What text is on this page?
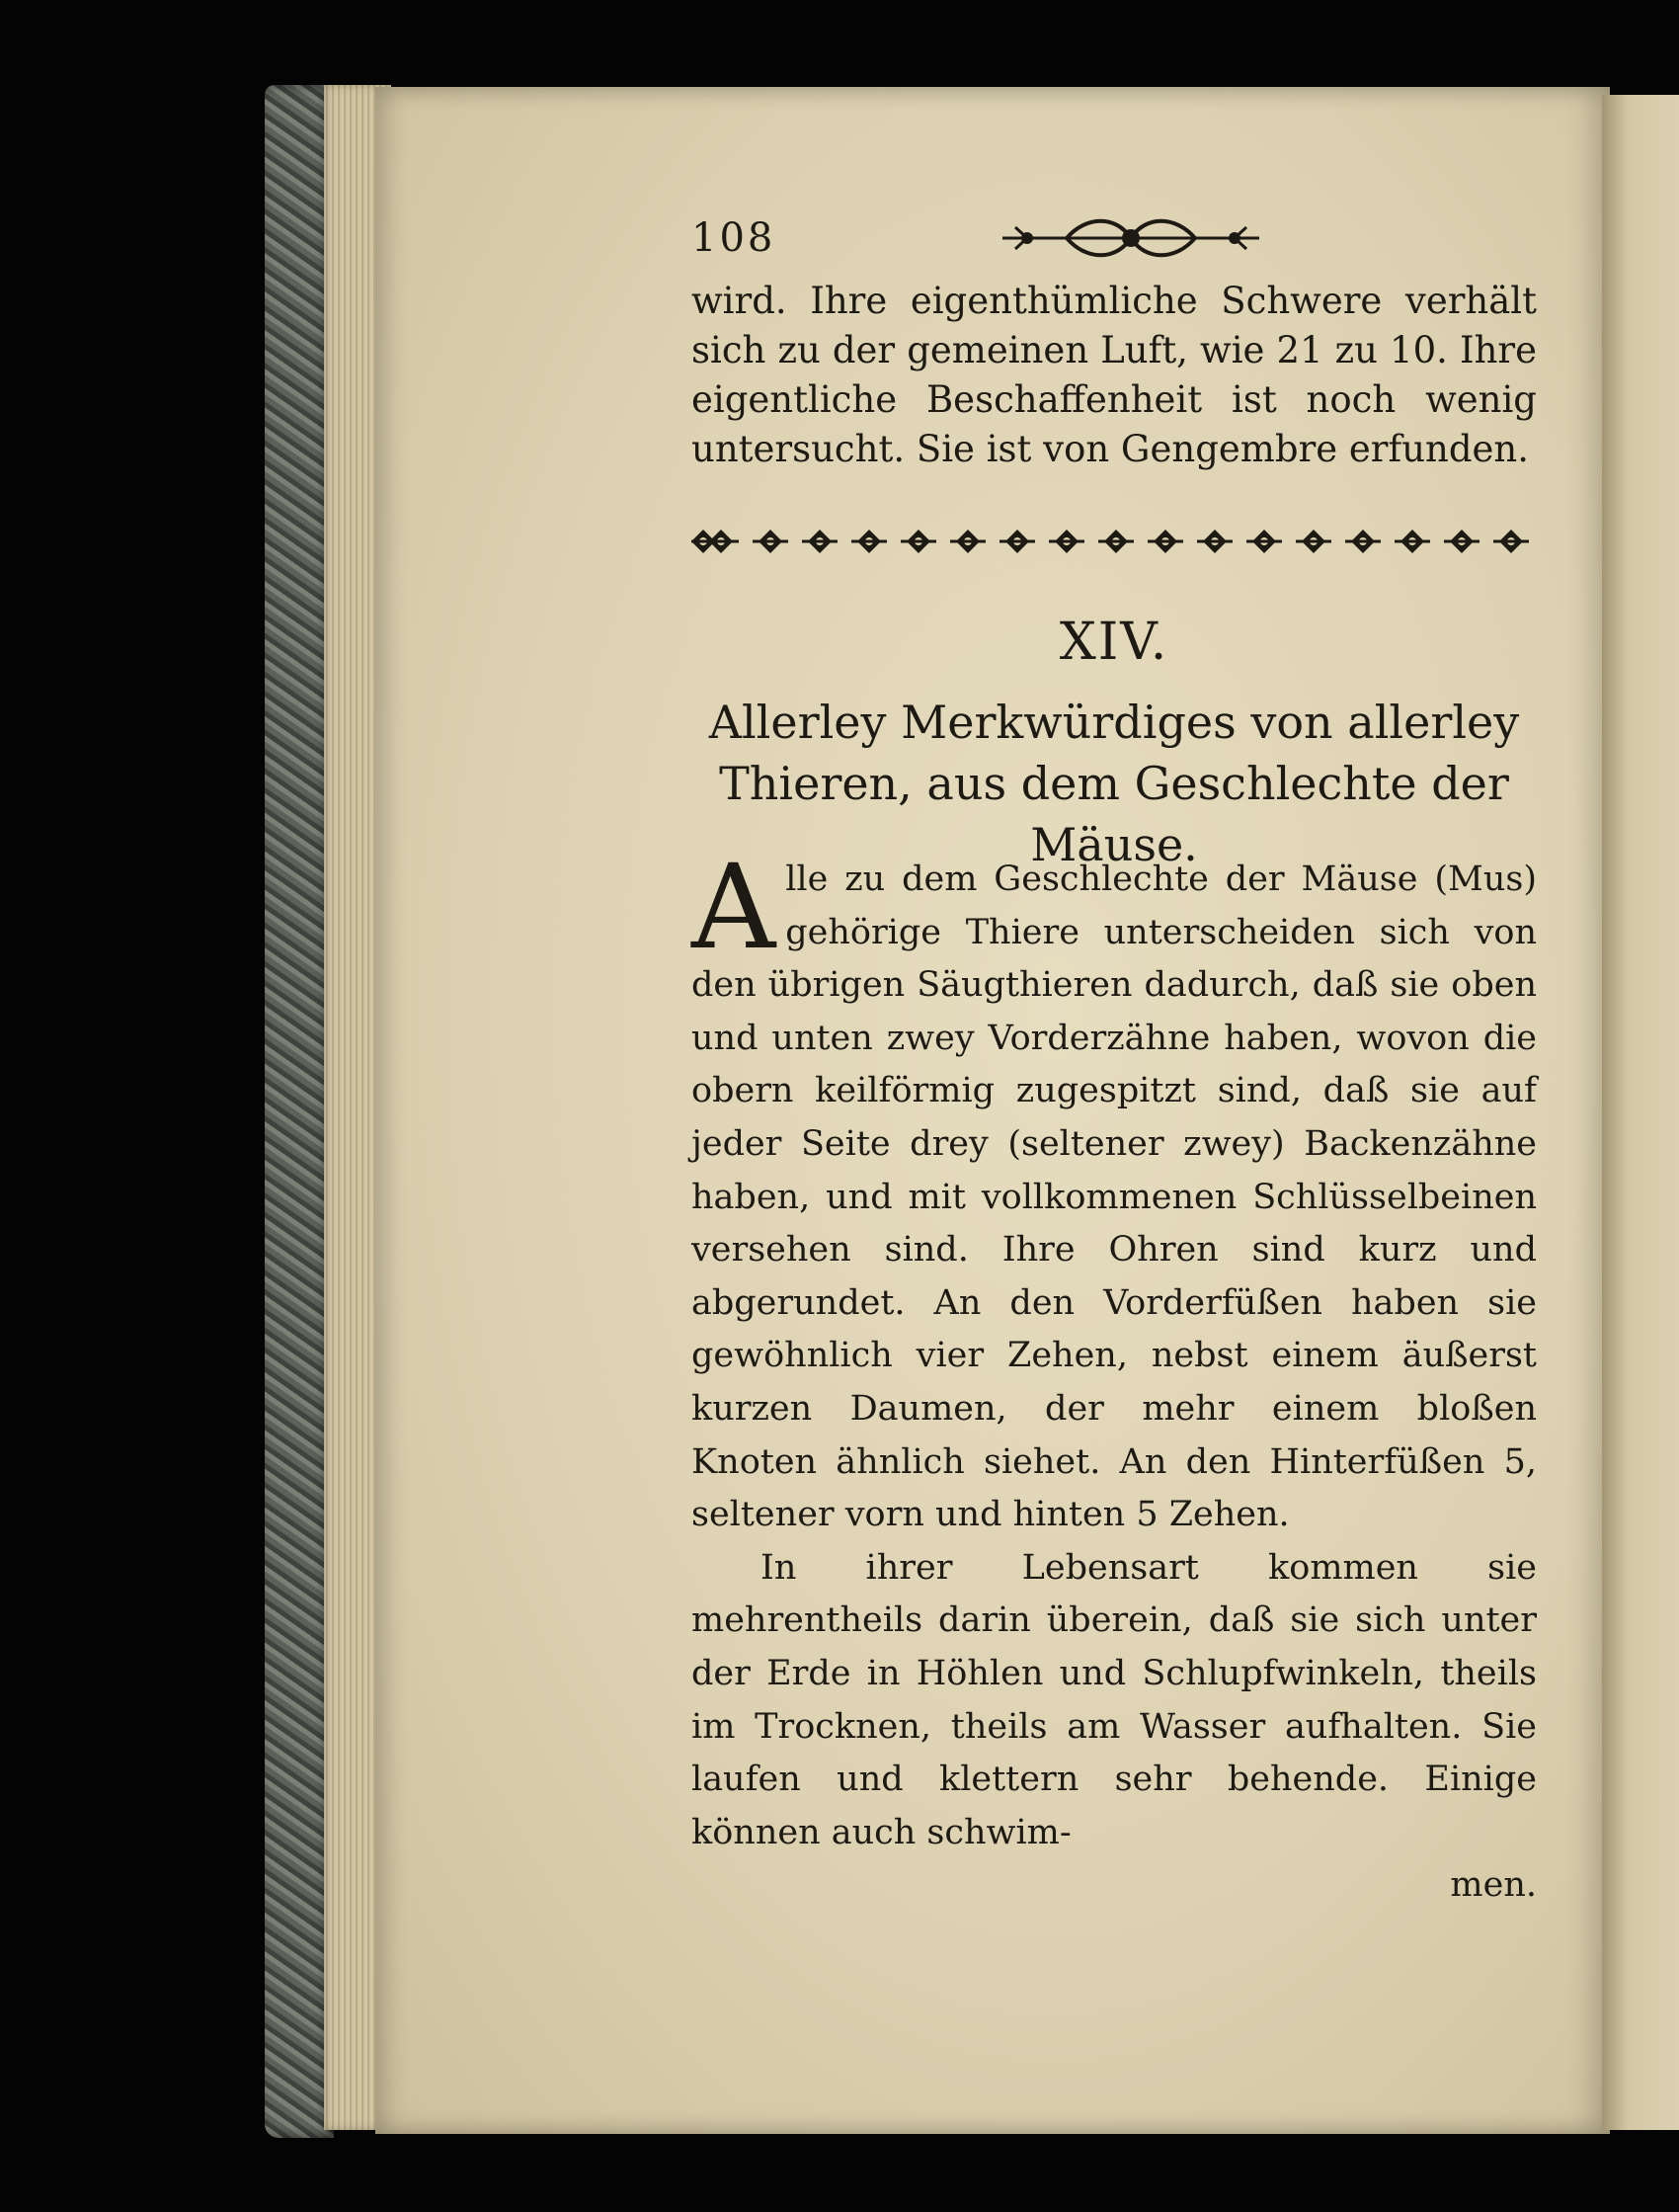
108

wird. Ihre eigenthümliche Schwere verhält sich zu der gemeinen Luft, wie 21 zu 10. Ihre eigentliche Beschaffenheit ist noch wenig untersucht. Sie ist von Gengembre erfunden.

XIV.
Allerley Merkwürdiges von allerley Thieren, aus dem Geschlechte der Mäuse.

Alle zu dem Geschlechte der Mäuse (Mus) gehörige Thiere unterscheiden sich von den übrigen Säugthieren dadurch, daß sie oben und unten zwey Vorderzähne haben, wovon die obern keilförmig zugespitzt sind, daß sie auf jeder Seite drey (seltener zwey) Backenzähne haben, und mit vollkommenen Schlüsselbeinen versehen sind. Ihre Ohren sind kurz und abgerundet. An den Vorderfüßen haben sie gewöhnlich vier Zehen, nebst einem äußerst kurzen Daumen, der mehr einem bloßen Knoten ähnlich siehet. An den Hinterfüßen 5, seltener vorn und hinten 5 Zehen.

In ihrer Lebensart kommen sie mehrentheils darin überein, daß sie sich unter der Erde in Höhlen und Schlupfwinkeln, theils im Trocknen, theils am Wasser aufhalten. Sie laufen und klettern sehr behende. Einige können auch schwim-

men.
